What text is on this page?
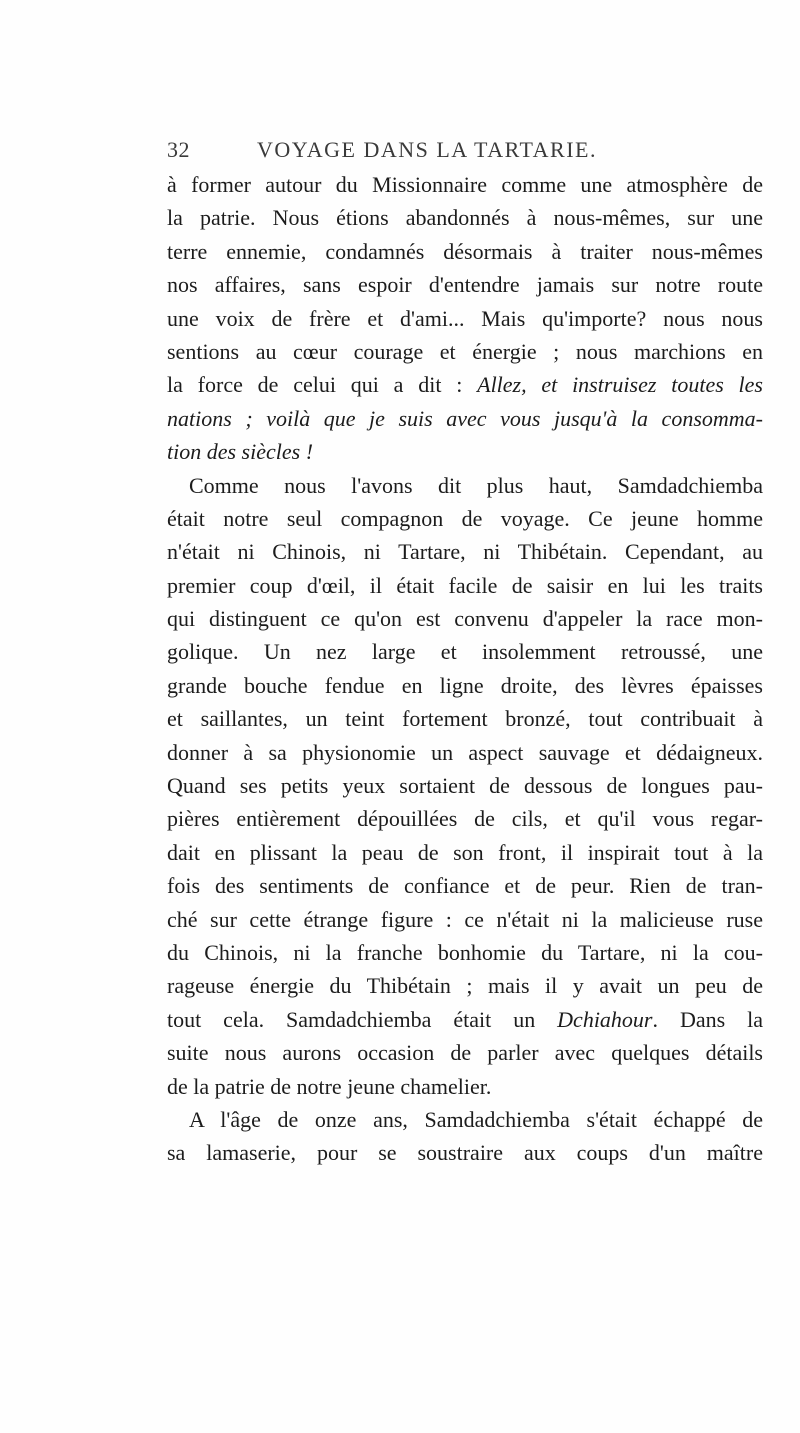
32	VOYAGE DANS LA TARTARIE.
à former autour du Missionnaire comme une atmosphère de
la patrie. Nous étions abandonnés à nous-mêmes, sur une
terre ennemie, condamnés désormais à traiter nous-mêmes
nos affaires, sans espoir d'entendre jamais sur notre route
une voix de frère et d'ami... Mais qu'importe? nous nous
sentions au cœur courage et énergie ; nous marchions en
la force de celui qui a dit : Allez, et instruisez toutes les
nations ; voilà que je suis avec vous jusqu'à la consomma-
tion des siècles !
Comme nous l'avons dit plus haut, Samdadchiemba
était notre seul compagnon de voyage. Ce jeune homme
n'était ni Chinois, ni Tartare, ni Thibétain. Cependant, au
premier coup d'œil, il était facile de saisir en lui les traits
qui distinguent ce qu'on est convenu d'appeler la race mon-
golique. Un nez large et insolemment retroussé, une
grande bouche fendue en ligne droite, des lèvres épaisses
et saillantes, un teint fortement bronzé, tout contribuait à
donner à sa physionomie un aspect sauvage et dédaigneux.
Quand ses petits yeux sortaient de dessous de longues pau-
pières entièrement dépouillées de cils, et qu'il vous regar-
dait en plissant la peau de son front, il inspirait tout à la
fois des sentiments de confiance et de peur. Rien de tran-
ché sur cette étrange figure : ce n'était ni la malicieuse ruse
du Chinois, ni la franche bonhomie du Tartare, ni la cou-
rageuse énergie du Thibétain ; mais il y avait un peu de
tout cela. Samdadchiemba était un Dchiahour. Dans la
suite nous aurons occasion de parler avec quelques détails
de la patrie de notre jeune chamelier.
A l'âge de onze ans, Samdadchiemba s'était échappé de
sa lamaserie, pour se soustraire aux coups d'un maître
